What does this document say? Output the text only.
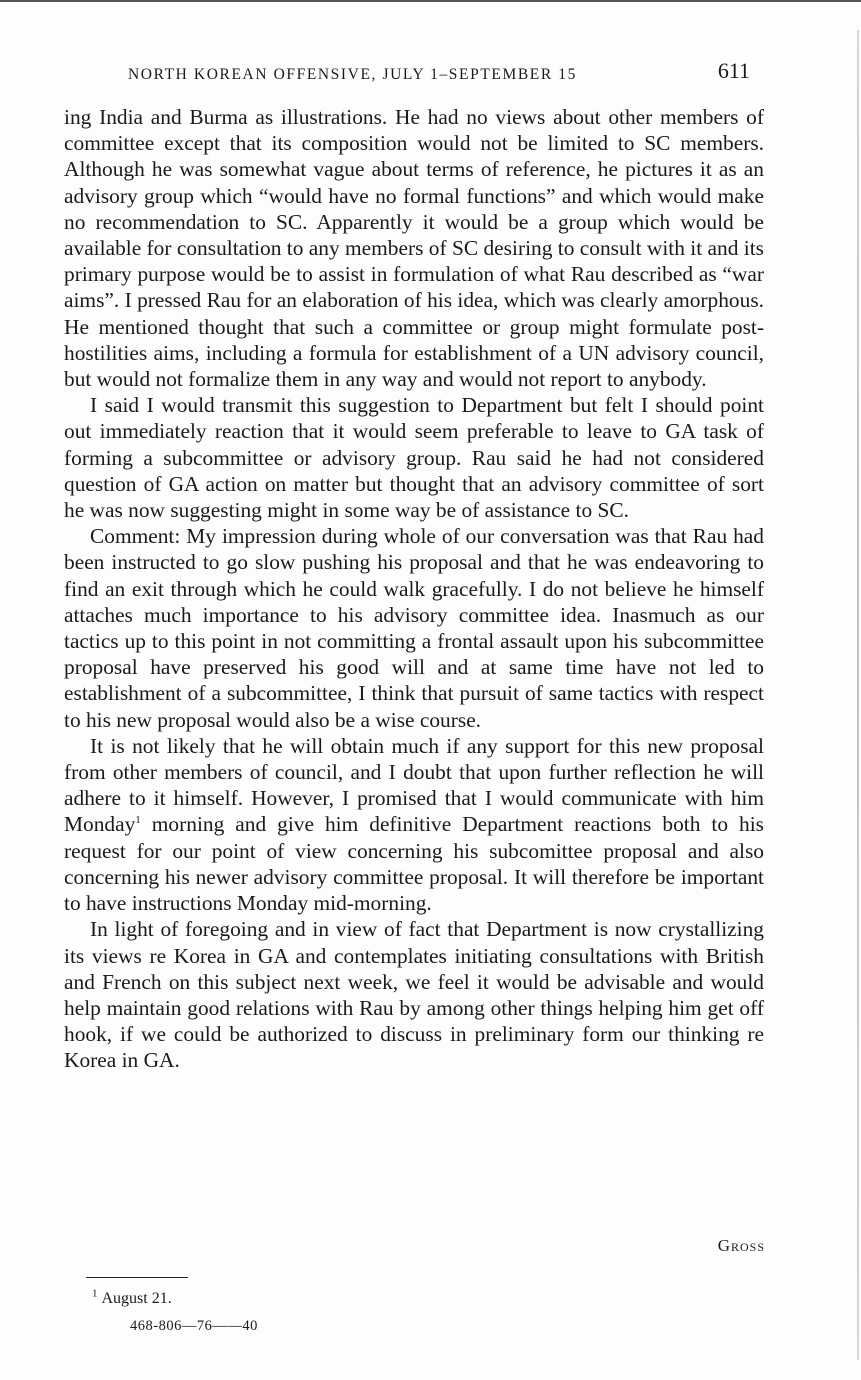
NORTH KOREAN OFFENSIVE, JULY 1–SEPTEMBER 15	611

ing India and Burma as illustrations. He had no views about other members of committee except that its composition would not be limited to SC members. Although he was somewhat vague about terms of reference, he pictures it as an advisory group which “would have no formal functions” and which would make no recommendation to SC. Apparently it would be a group which would be available for consultation to any members of SC desiring to consult with it and its primary purpose would be to assist in formulation of what Rau described as “war aims”. I pressed Rau for an elaboration of his idea, which was clearly amorphous. He mentioned thought that such a committee or group might formulate post-hostilities aims, including a formula for establishment of a UN advisory council, but would not formalize them in any way and would not report to anybody.

I said I would transmit this suggestion to Department but felt I should point out immediately reaction that it would seem preferable to leave to GA task of forming a subcommittee or advisory group. Rau said he had not considered question of GA action on matter but thought that an advisory committee of sort he was now suggesting might in some way be of assistance to SC.

Comment: My impression during whole of our conversation was that Rau had been instructed to go slow pushing his proposal and that he was endeavoring to find an exit through which he could walk gracefully. I do not believe he himself attaches much importance to his advisory committee idea. Inasmuch as our tactics up to this point in not committing a frontal assault upon his subcommittee proposal have preserved his good will and at same time have not led to establishment of a subcommittee, I think that pursuit of same tactics with respect to his new proposal would also be a wise course.

It is not likely that he will obtain much if any support for this new proposal from other members of council, and I doubt that upon further reflection he will adhere to it himself. However, I promised that I would communicate with him Monday$^1$ morning and give him definitive Department reactions both to his request for our point of view concerning his subcomittee proposal and also concerning his newer advisory committee proposal. It will therefore be important to have instructions Monday mid-morning.

In light of foregoing and in view of fact that Department is now crystallizing its views re Korea in GA and contemplates initiating consultations with British and French on this subject next week, we feel it would be advisable and would help maintain good relations with Rau by among other things helping him get off hook, if we could be authorized to discuss in preliminary form our thinking re Korea in GA.

Gross
$^1$ August 21.
468-806—76——40
